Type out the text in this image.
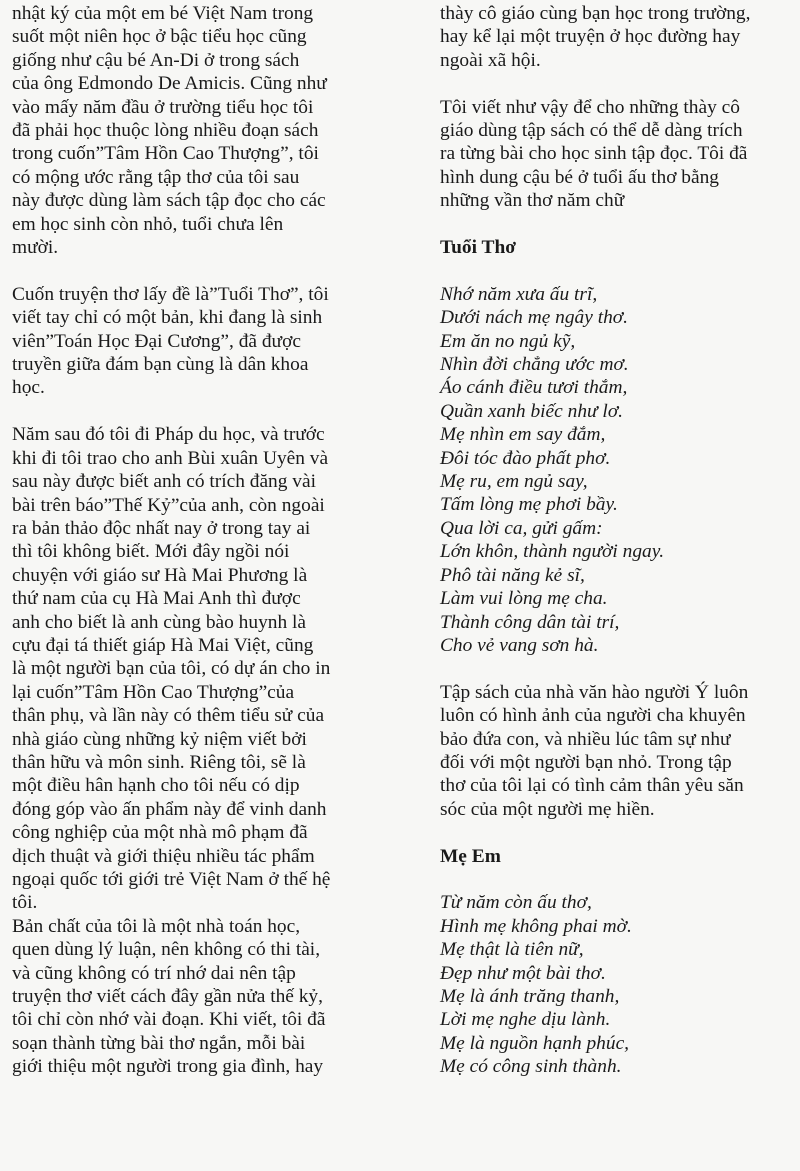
nhật ký của một em bé Việt Nam trong
suốt một niên học ở bậc tiểu học cũng
giống như cậu bé An-Di ở trong sách
của ông Edmondo De Amicis. Cũng như
vào mấy năm đầu ở trường tiểu học tôi
đã phải học thuộc lòng nhiều đoạn sách
trong cuốn”Tâm Hồn Cao Thượng”, tôi
có mộng ước rằng tập thơ của tôi sau
này được dùng làm sách tập đọc cho các
em học sinh còn nhỏ, tuổi chưa lên
mười.
Cuốn truyện thơ lấy đề là”Tuổi Thơ”, tôi
viết tay chỉ có một bản, khi đang là sinh
viên”Toán Học Đại Cương”, đã được
truyền giữa đám bạn cùng là dân khoa
học.
Năm sau đó tôi đi Pháp du học, và trước
khi đi tôi trao cho anh Bùi xuân Uyên và
sau này được biết anh có trích đăng vài
bài trên báo”Thế Kỷ”của anh, còn ngoài
ra bản thảo độc nhất nay ở trong tay ai
thì tôi không biết. Mới đây ngồi nói
chuyện với giáo sư Hà Mai Phương là
thứ nam của cụ Hà Mai Anh thì được
anh cho biết là anh cùng bào huynh là
cựu đại tá thiết giáp Hà Mai Việt, cũng
là một người bạn của tôi, có dự án cho in
lại cuốn”Tâm Hồn Cao Thượng”của
thân phụ, và lần này có thêm tiểu sử của
nhà giáo cùng những kỷ niệm viết bởi
thân hữu và môn sinh. Riêng tôi, sẽ là
một điều hân hạnh cho tôi nếu có dịp
đóng góp vào ấn phẩm này để vinh danh
công nghiệp của một nhà mô phạm đã
dịch thuật và giới thiệu nhiều tác phẩm
ngoại quốc tới giới trẻ Việt Nam ở thế hệ
tôi.
Bản chất của tôi là một nhà toán học,
quen dùng lý luận, nên không có thi tài,
và cũng không có trí nhớ dai nên tập
truyện thơ viết cách đây gần nửa thế kỷ,
tôi chỉ còn nhớ vài đoạn. Khi viết, tôi đã
soạn thành từng bài thơ ngắn, mỗi bài
giới thiệu một người trong gia đình, hay
thày cô giáo cùng bạn học trong trường,
hay kể lại một truyện ở học đường hay
ngoài xã hội.
Tôi viết như vậy để cho những thày cô
giáo dùng tập sách có thể dễ dàng trích
ra từng bài cho học sinh tập đọc. Tôi đã
hình dung cậu bé ở tuổi ấu thơ bằng
những vần thơ năm chữ
Tuổi Thơ
Nhớ năm xưa ấu trĩ,
Dưới nách mẹ ngây thơ.
Em ăn no ngủ kỹ,
Nhìn đời chẳng ước mơ.
Áo cánh điều tươi thắm,
Quần xanh biếc như lơ.
Mẹ nhìn em say đắm,
Đôi tóc đào phất phơ.
Mẹ ru, em ngủ say,
Tấm lòng mẹ phơi bầy.
Qua lời ca, gửi gấm:
Lớn khôn, thành người ngay.
Phô tài năng kẻ sĩ,
Làm vui lòng mẹ cha.
Thành công dân tài trí,
Cho vẻ vang sơn hà.
Tập sách của nhà văn hào người Ý luôn
luôn có hình ảnh của người cha khuyên
bảo đứa con, và nhiều lúc tâm sự như
đối với một người bạn nhỏ. Trong tập
thơ của tôi lại có tình cảm thân yêu săn
sóc của một người mẹ hiền.
Mẹ Em
Từ năm còn ấu thơ,
Hình mẹ không phai mờ.
Mẹ thật là tiên nữ,
Đẹp như một bài thơ.
Mẹ là ánh trăng thanh,
Lời mẹ nghe dịu lành.
Mẹ là nguồn hạnh phúc,
Mẹ có công sinh thành.
